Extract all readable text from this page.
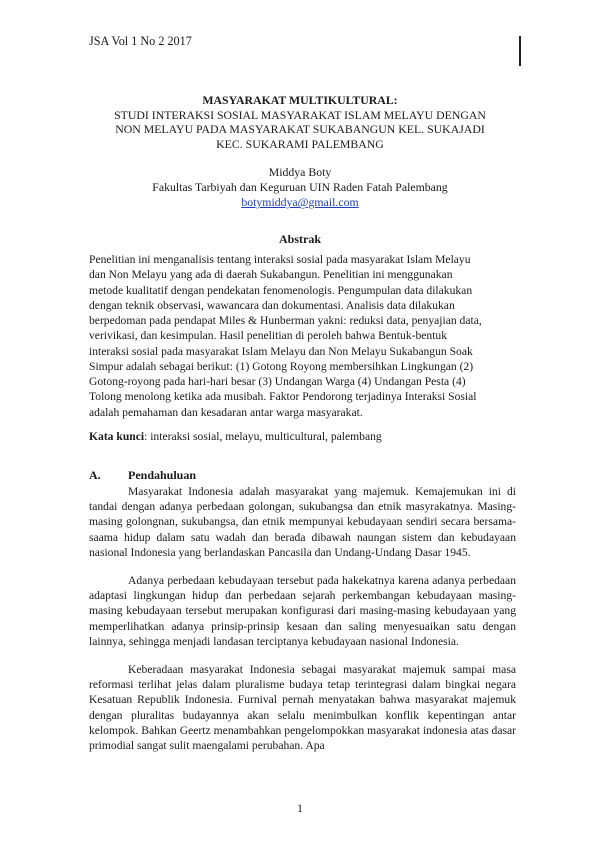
JSA Vol 1 No 2 2017
MASYARAKAT MULTIKULTURAL:
STUDI INTERAKSI SOSIAL MASYARAKAT ISLAM MELAYU DENGAN
NON MELAYU PADA MASYARAKAT SUKABANGUN KEL. SUKAJADI
KEC. SUKARAMI PALEMBANG
Middya Boty
Fakultas Tarbiyah dan Keguruan UIN Raden Fatah Palembang
botymiddya@gmail.com
Abstrak
Penelitian ini menganalisis tentang interaksi sosial pada masyarakat Islam Melayu
dan Non Melayu yang ada di daerah Sukabangun. Penelitian ini menggunakan
metode kualitatif dengan pendekatan fenomenologis. Pengumpulan data dilakukan
dengan teknik observasi, wawancara dan dokumentasi. Analisis data dilakukan
berpedoman pada pendapat Miles & Hunberman yakni: reduksi data, penyajian data,
verivikasi, dan kesimpulan. Hasil penelitian di peroleh bahwa Bentuk-bentuk
interaksi sosial pada masyarakat Islam Melayu dan Non Melayu Sukabangun Soak
Simpur adalah sebagai berikut: (1) Gotong Royong membersihkan Lingkungan (2)
Gotong-royong pada hari-hari besar (3) Undangan Warga (4) Undangan Pesta (4)
Tolong menolong ketika ada musibah. Faktor Pendorong terjadinya Interaksi Sosial
adalah pemahaman dan kesadaran antar warga masyarakat.
Kata kunci: interaksi sosial, melayu, multicultural, palembang
A. Pendahuluan

Masyarakat Indonesia adalah masyarakat yang majemuk. Kemajemukan ini di tandai dengan adanya perbedaan golongan, sukubangsa dan etnik masyrakatnya. Masing-masing golongnan, sukubangsa, dan etnik mempunyai kebudayaan sendiri secara bersama-saama hidup dalam satu wadah dan berada dibawah naungan sistem dan kebudayaan nasional Indonesia yang berlandaskan Pancasila dan Undang-Undang Dasar 1945.

Adanya perbedaan kebudayaan tersebut pada hakekatnya karena adanya perbedaan adaptasi lingkungan hidup dan perbedaan sejarah perkembangan kebudayaan masing-masing kebudayaan tersebut merupakan konfigurasi dari masing-masing kebudayaan yang memperlihatkan adanya prinsip-prinsip kesaan dan saling menyesuaikan satu dengan lainnya, sehingga menjadi landasan terciptanya kebudayaan nasional Indonesia.

Keberadaan masyarakat Indonesia sebagai masyarakat majemuk sampai masa reformasi terlihat jelas dalam pluralisme budaya tetap terintegrasi dalam bingkai negara Kesatuan Republik Indonesia. Furnival pernah menyatakan bahwa masyarakat majemuk dengan pluralitas budayannya akan selalu menimbulkan konflik kepentingan antar kelompok. Bahkan Geertz menambahkan pengelompokkan masyarakat indonesia atas dasar primodial sangat sulit maengalami perubahan. Apa

1
